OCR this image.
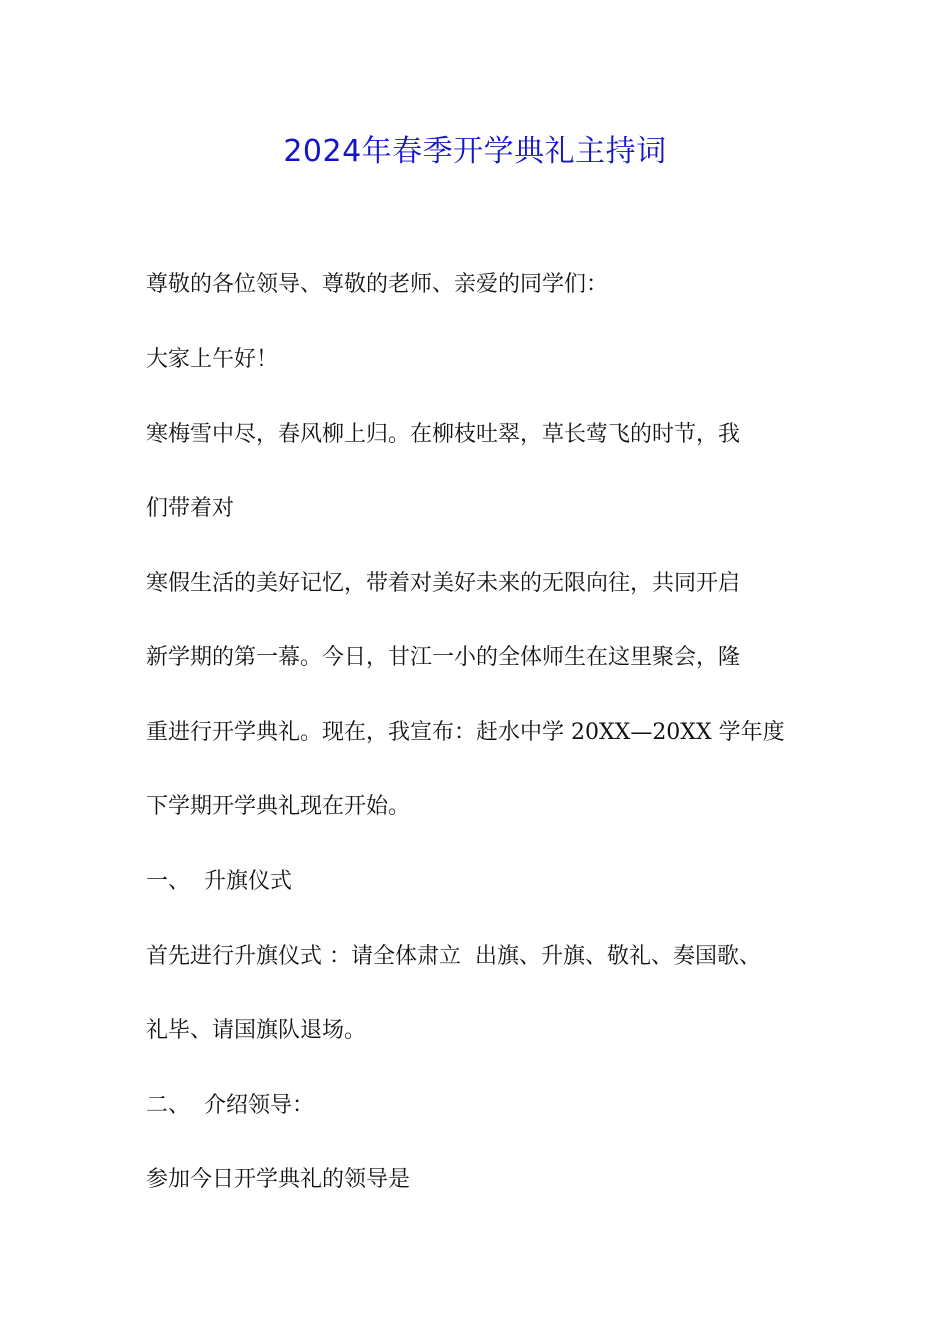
2024年春季开学典礼主持词

尊敬的各位领导、尊敬的老师、亲爱的同学们：

大家上午好！

寒梅雪中尽，春风柳上归。在柳枝吐翠，草长莺飞的时节，我

们带着对

寒假生活的美好记忆，带着对美好未来的无限向往，共同开启

新学期的第一幕。今日，甘江一小的全体师生在这里聚会，隆

重进行开学典礼。现在，我宣布：赶水中学 20XX—20XX 学年度

下学期开学典礼现在开始。

一、  升旗仪式

首先进行升旗仪式 ：请全体肃立  出旗、升旗、敬礼、奏国歌、

礼毕、请国旗队退场。

二、  介绍领导：

参加今日开学典礼的领导是
